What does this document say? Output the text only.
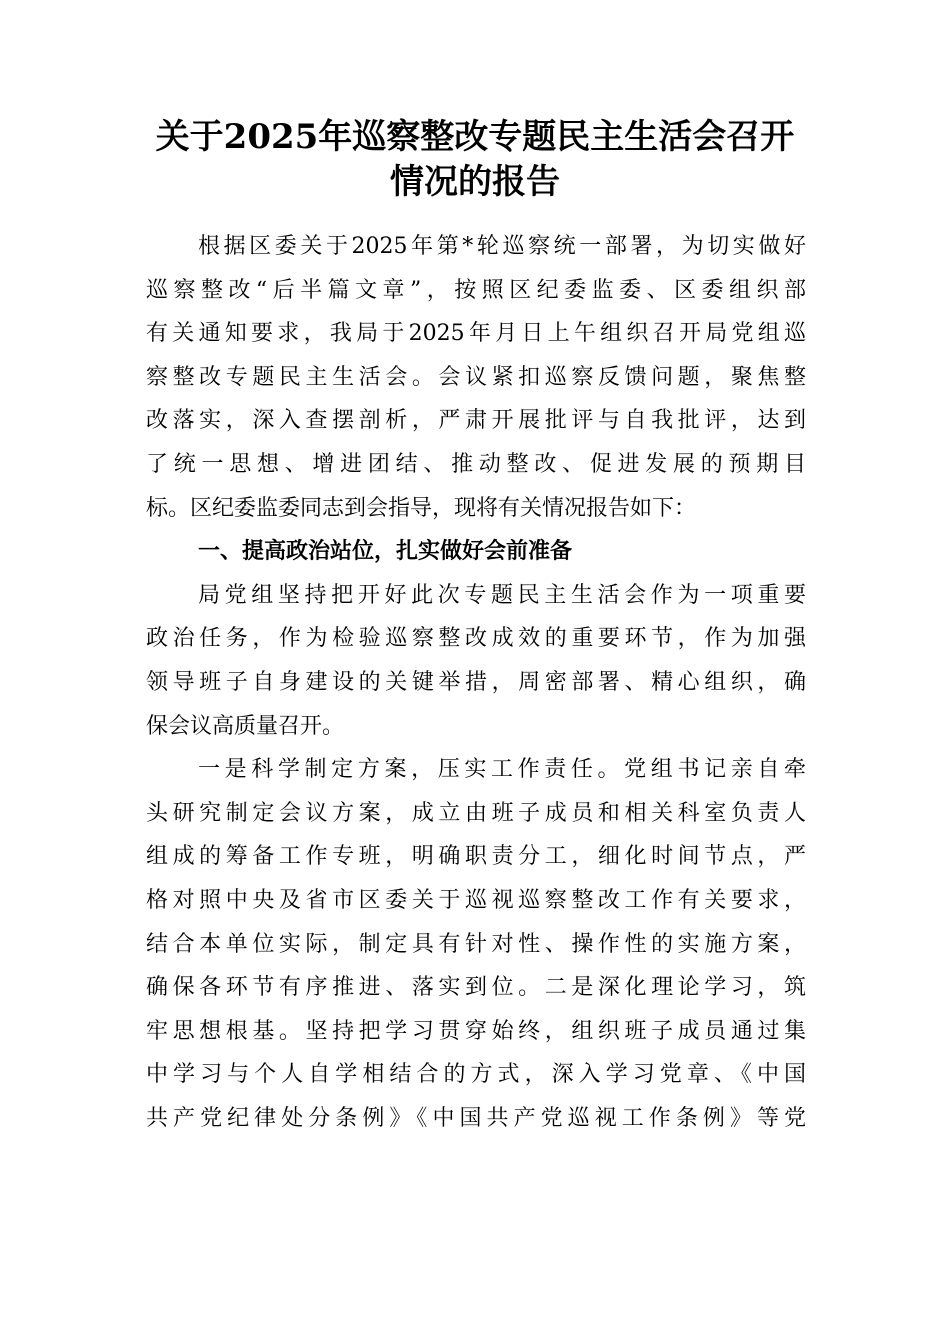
关于2025年巡察整改专题民主生活会召开
情况的报告
根据区委关于2025年第*轮巡察统一部署，为切实做好
巡察整改“后半篇文章”，按照区纪委监委、区委组织部
有关通知要求，我局于2025年月日上午组织召开局党组巡
察整改专题民主生活会。会议紧扣巡察反馈问题，聚焦整
改落实，深入查摆剖析，严肃开展批评与自我批评，达到
了统一思想、增进团结、推动整改、促进发展的预期目
标。区纪委监委同志到会指导，现将有关情况报告如下：
一、提高政治站位，扎实做好会前准备
局党组坚持把开好此次专题民主生活会作为一项重要
政治任务，作为检验巡察整改成效的重要环节，作为加强
领导班子自身建设的关键举措，周密部署、精心组织，确
保会议高质量召开。
一是科学制定方案，压实工作责任。党组书记亲自牵
头研究制定会议方案，成立由班子成员和相关科室负责人
组成的筹备工作专班，明确职责分工，细化时间节点，严
格对照中央及省市区委关于巡视巡察整改工作有关要求，
结合本单位实际，制定具有针对性、操作性的实施方案，
确保各环节有序推进、落实到位。二是深化理论学习，筑
牢思想根基。坚持把学习贯穿始终，组织班子成员通过集
中学习与个人自学相结合的方式，深入学习党章、《中国
共产党纪律处分条例》《中国共产党巡视工作条例》等党
